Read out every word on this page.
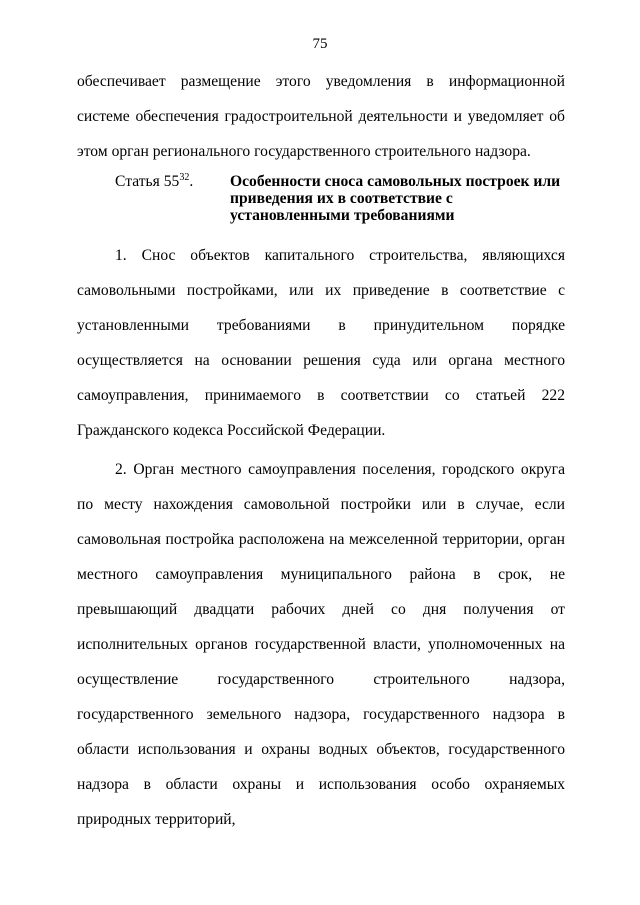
75

обеспечивает размещение этого уведомления в информационной системе обеспечения градостроительной деятельности и уведомляет об этом орган регионального государственного строительного надзора.

Статья $55^{32}$.	Особенности сноса самовольных построек или приведения их в соответствие с установленными требованиями

1. Снос объектов капитального строительства, являющихся самовольными постройками, или их приведение в соответствие с установленными требованиями в принудительном порядке осуществляется на основании решения суда или органа местного самоуправления, принимаемого в соответствии со статьей 222 Гражданского кодекса Российской Федерации.

2. Орган местного самоуправления поселения, городского округа по месту нахождения самовольной постройки или в случае, если самовольная постройка расположена на межселенной территории, орган местного самоуправления муниципального района в срок, не превышающий двадцати рабочих дней со дня получения от исполнительных органов государственной власти, уполномоченных на осуществление государственного строительного надзора, государственного земельного надзора, государственного надзора в области использования и охраны водных объектов, государственного надзора в области охраны и использования особо охраняемых природных территорий,
